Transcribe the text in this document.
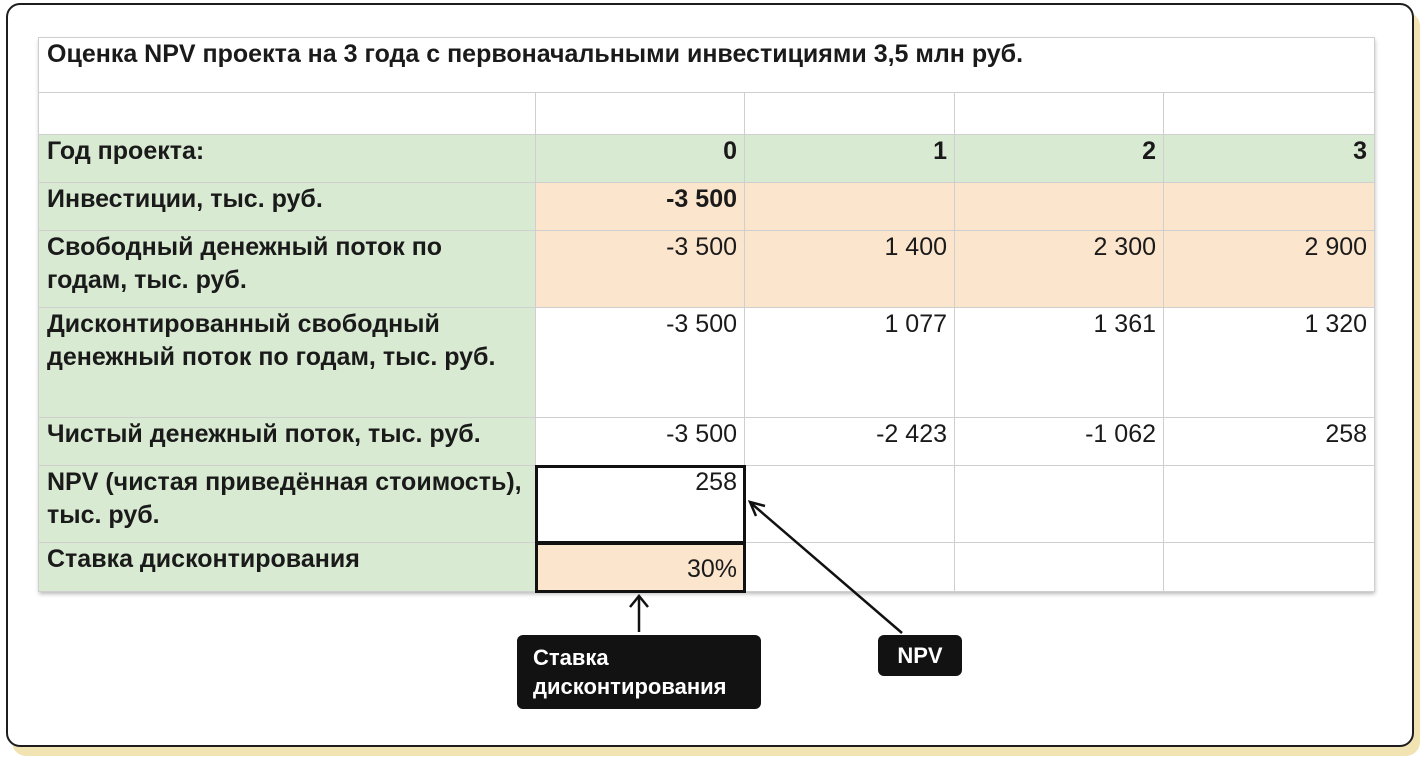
Оценка NPV проекта на 3 года с первоначальными инвестициями 3,5 млн руб.				

Год проекта:	0	1	2	3
Инвестиции, тыс. руб.	-3 500			
Свободный денежный поток по годам, тыс. руб.	-3 500	1 400	2 300	2 900
Дисконтированный свободный денежный поток по годам, тыс. руб.	-3 500	1 077	1 361	1 320
Чистый денежный поток, тыс. руб.	-3 500	-2 423	-1 062	258
NPV (чистая приведённая стоимость), тыс. руб.	258			
Ставка дисконтирования	30%			
Ставка дисконтирования
NPV
